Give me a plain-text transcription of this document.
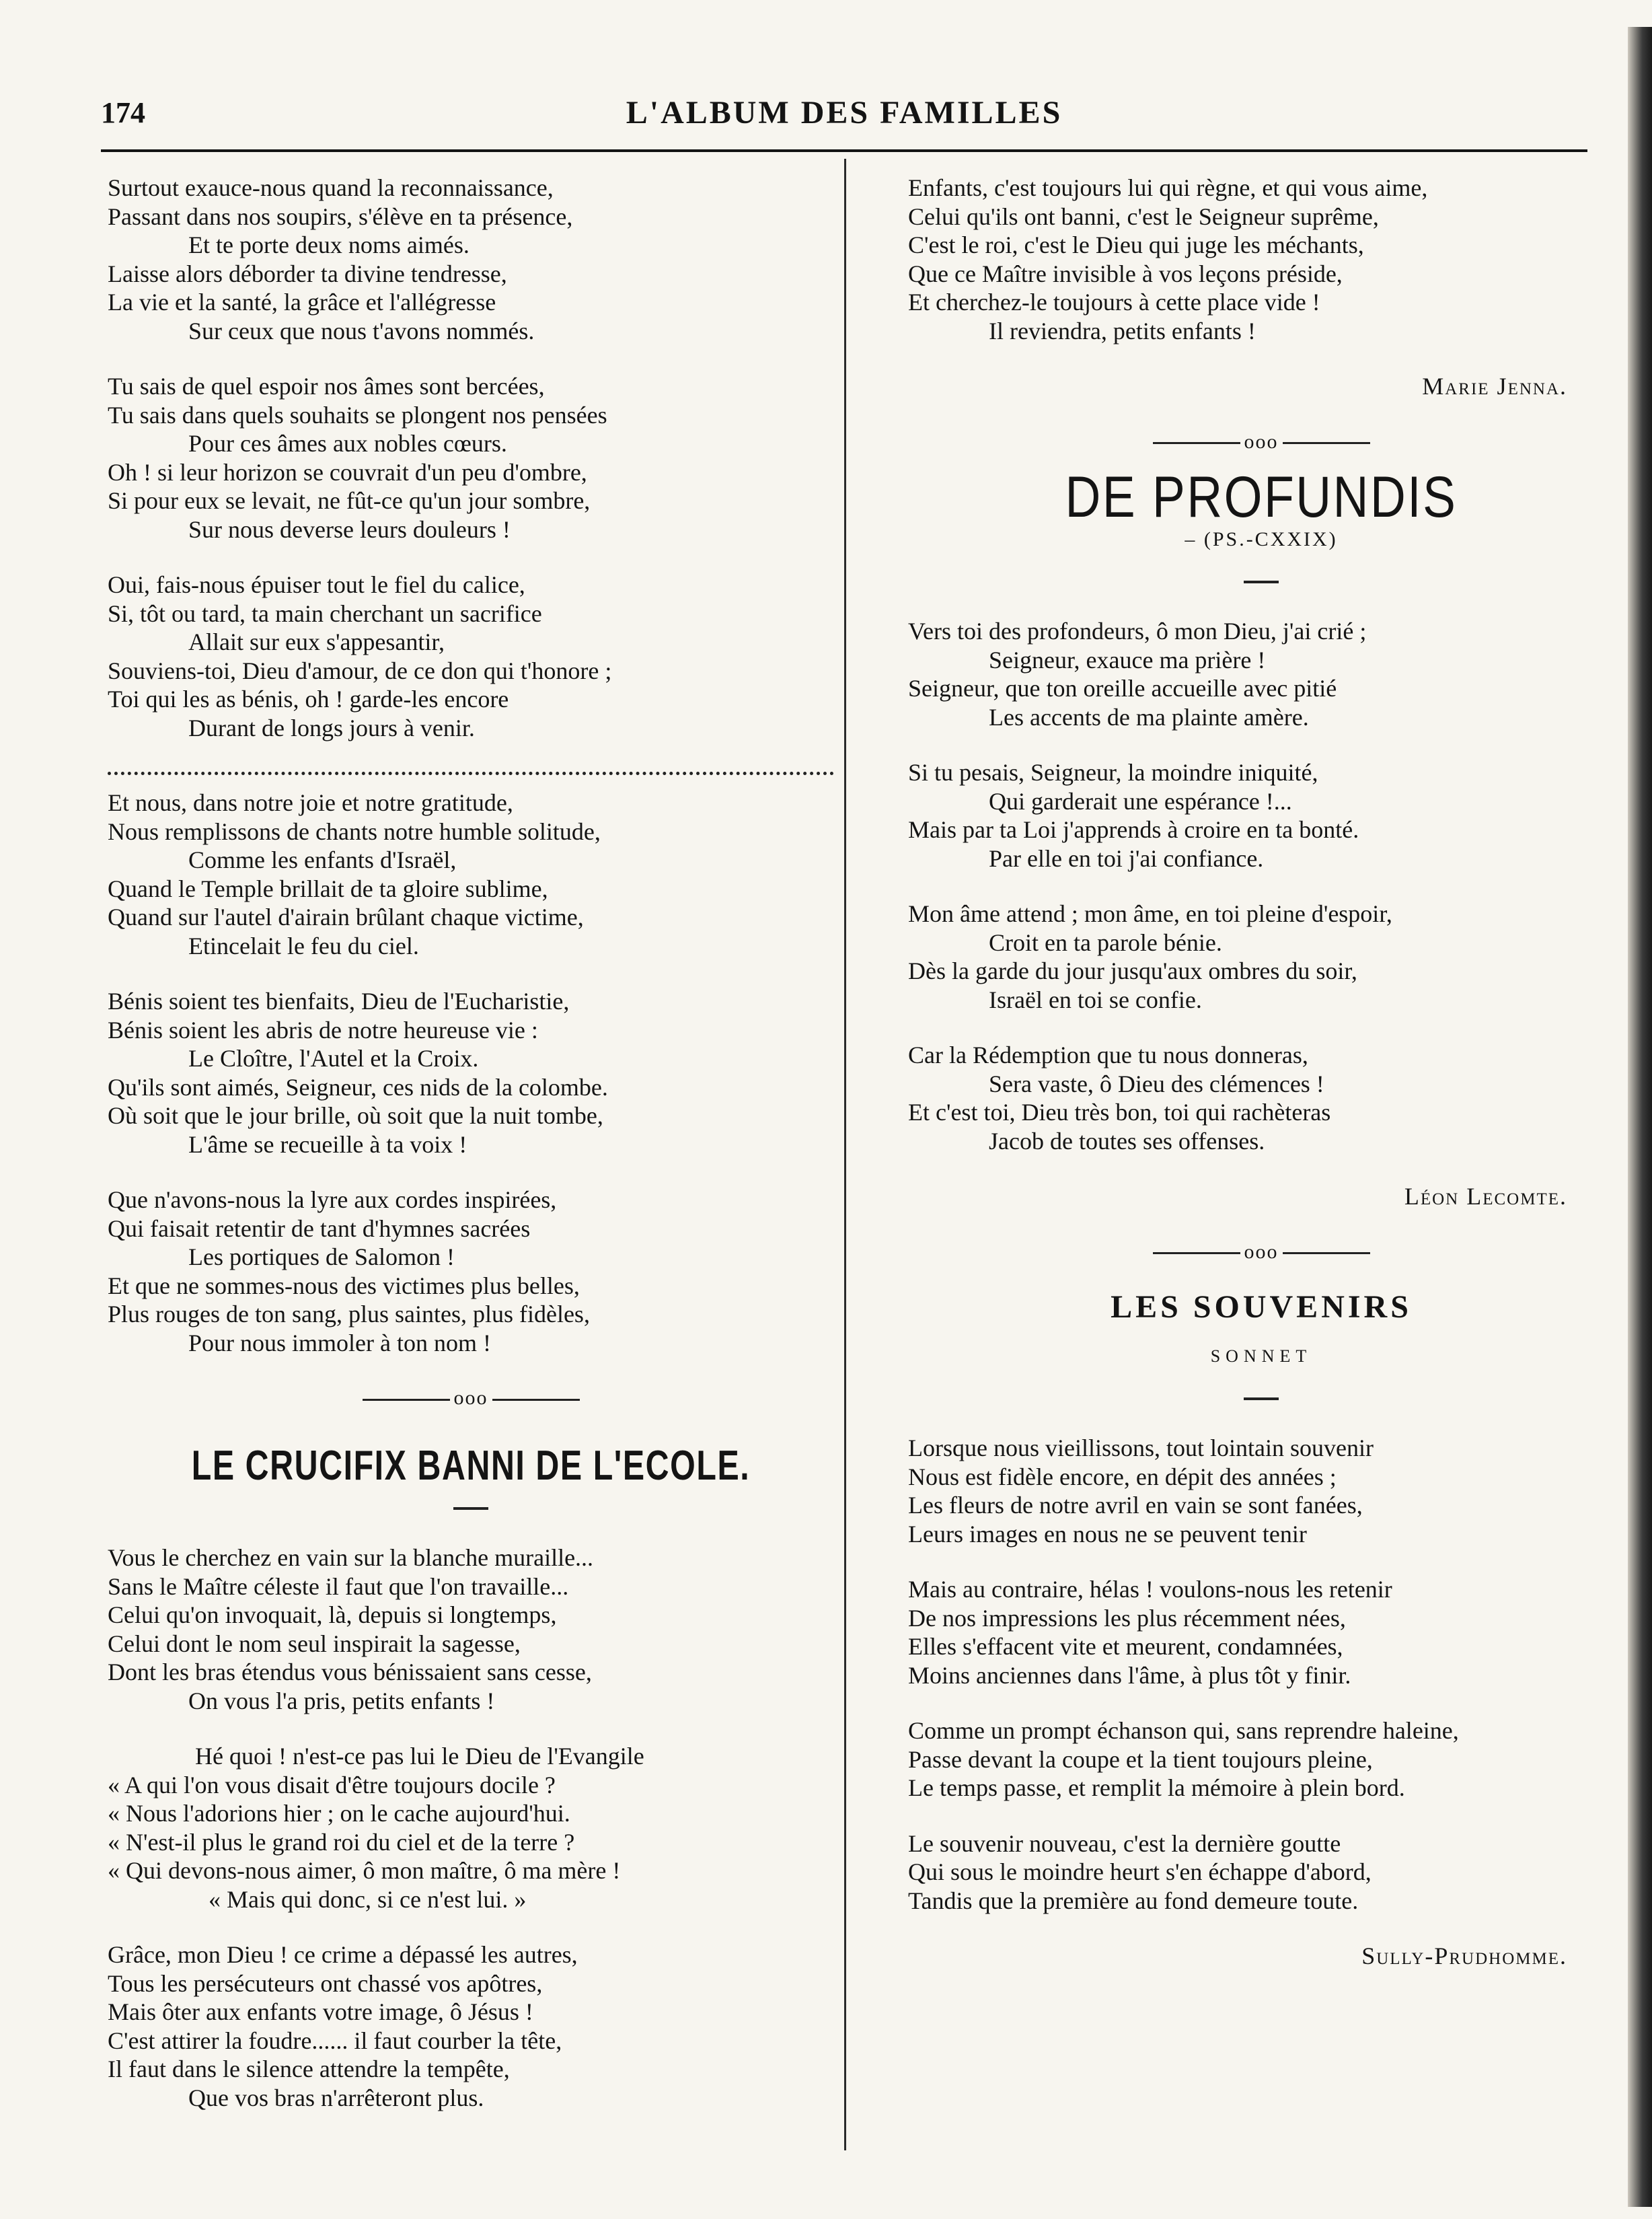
174	L'ALBUM DES FAMILLES
Surtout exauce-nous quand la reconnaissance,
Passant dans nos soupirs, s'élève en ta présence,
Et te porte deux noms aimés.
Laisse alors déborder ta divine tendresse,
La vie et la santé, la grâce et l'allégresse
Sur ceux que nous t'avons nommés.
Tu sais de quel espoir nos âmes sont bercées,
Tu sais dans quels souhaits se plongent nos pensées
Pour ces âmes aux nobles cœurs.
Oh ! si leur horizon se couvrait d'un peu d'ombre,
Si pour eux se levait, ne fût-ce qu'un jour sombre,
Sur nous deverse leurs douleurs !
Oui, fais-nous épuiser tout le fiel du calice,
Si, tôt ou tard, ta main cherchant un sacrifice
Allait sur eux s'appesantir,
Souviens-toi, Dieu d'amour, de ce don qui t'honore ;
Toi qui les as bénis, oh ! garde-les encore
Durant de longs jours à venir.
Et nous, dans notre joie et notre gratitude,
Nous remplissons de chants notre humble solitude,
Comme les enfants d'Israël,
Quand le Temple brillait de ta gloire sublime,
Quand sur l'autel d'airain brûlant chaque victime,
Etincelait le feu du ciel.
Bénis soient tes bienfaits, Dieu de l'Eucharistie,
Bénis soient les abris de notre heureuse vie :
Le Cloître, l'Autel et la Croix.
Qu'ils sont aimés, Seigneur, ces nids de la colombe.
Où soit que le jour brille, où soit que la nuit tombe,
L'âme se recueille à ta voix !
Que n'avons-nous la lyre aux cordes inspirées,
Qui faisait retentir de tant d'hymnes sacrées
Les portiques de Salomon !
Et que ne sommes-nous des victimes plus belles,
Plus rouges de ton sang, plus saintes, plus fidèles,
Pour nous immoler à ton nom !
ooo
LE CRUCIFIX BANNI DE L'ECOLE.
Vous le cherchez en vain sur la blanche muraille...
Sans le Maître céleste il faut que l'on travaille...
Celui qu'on invoquait, là, depuis si longtemps,
Celui dont le nom seul inspirait la sagesse,
Dont les bras étendus vous bénissaient sans cesse,
On vous l'a pris, petits enfants !
Hé quoi ! n'est-ce pas lui le Dieu de l'Evangile
« A qui l'on vous disait d'être toujours docile ?
« Nous l'adorions hier ; on le cache aujourd'hui.
« N'est-il plus le grand roi du ciel et de la terre ?
« Qui devons-nous aimer, ô mon maître, ô ma mère !
« Mais qui donc, si ce n'est lui. »
Grâce, mon Dieu ! ce crime a dépassé les autres,
Tous les persécuteurs ont chassé vos apôtres,
Mais ôter aux enfants votre image, ô Jésus !
C'est attirer la foudre...... il faut courber la tête,
Il faut dans le silence attendre la tempête,
Que vos bras n'arrêteront plus.
Enfants, c'est toujours lui qui règne, et qui vous aime,
Celui qu'ils ont banni, c'est le Seigneur suprême,
C'est le roi, c'est le Dieu qui juge les méchants,
Que ce Maître invisible à vos leçons préside,
Et cherchez-le toujours à cette place vide !
Il reviendra, petits enfants !
Marie Jenna.
ooo
DE PROFUNDIS
– (PS.-CXXIX)
Vers toi des profondeurs, ô mon Dieu, j'ai crié ;
Seigneur, exauce ma prière !
Seigneur, que ton oreille accueille avec pitié
Les accents de ma plainte amère.
Si tu pesais, Seigneur, la moindre iniquité,
Qui garderait une espérance !...
Mais par ta Loi j'apprends à croire en ta bonté.
Par elle en toi j'ai confiance.
Mon âme attend ; mon âme, en toi pleine d'espoir,
Croit en ta parole bénie.
Dès la garde du jour jusqu'aux ombres du soir,
Israël en toi se confie.
Car la Rédemption que tu nous donneras,
Sera vaste, ô Dieu des clémences !
Et c'est toi, Dieu très bon, toi qui rachèteras
Jacob de toutes ses offenses.
Léon Lecomte.
ooo
LES SOUVENIRS
SONNET
Lorsque nous vieillissons, tout lointain souvenir
Nous est fidèle encore, en dépit des années ;
Les fleurs de notre avril en vain se sont fanées,
Leurs images en nous ne se peuvent tenir
Mais au contraire, hélas ! voulons-nous les retenir
De nos impressions les plus récemment nées,
Elles s'effacent vite et meurent, condamnées,
Moins anciennes dans l'âme, à plus tôt y finir.
Comme un prompt échanson qui, sans reprendre haleine,
Passe devant la coupe et la tient toujours pleine,
Le temps passe, et remplit la mémoire à plein bord.
Le souvenir nouveau, c'est la dernière goutte
Qui sous le moindre heurt s'en échappe d'abord,
Tandis que la première au fond demeure toute.
Sully-Prudhomme.
